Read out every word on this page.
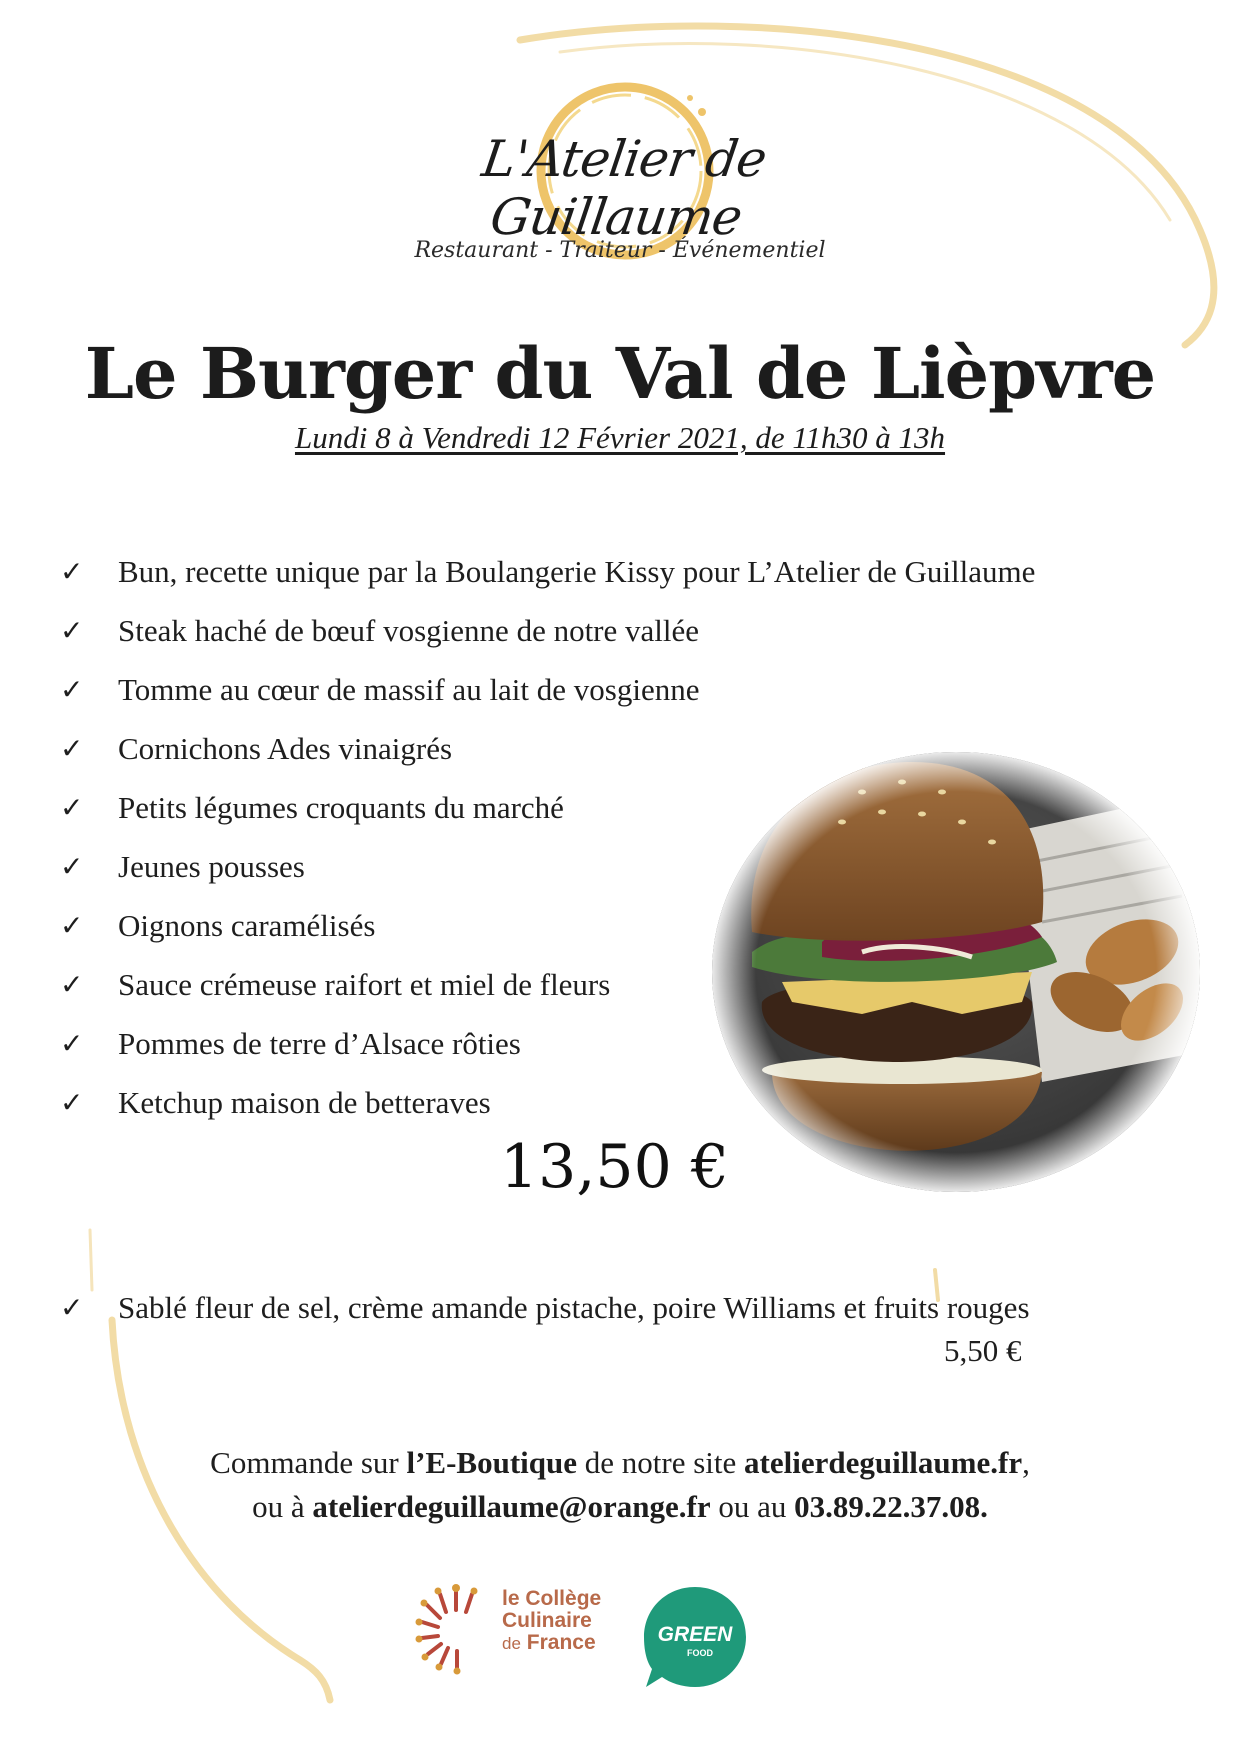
L'Atelier de Guillaume
Restaurant - Traiteur - Événementiel
Le Burger du Val de Lièpvre
Lundi 8 à Vendredi 12 Février 2021, de 11h30 à 13h
✓	Bun, recette unique par la Boulangerie Kissy pour L’Atelier de Guillaume
✓	Steak haché de bœuf vosgienne de notre vallée
✓	Tomme au cœur de massif au lait de vosgienne
✓	Cornichons Ades vinaigrés
✓	Petits légumes croquants du marché
✓	Jeunes pousses
✓	Oignons caramélisés
✓	Sauce crémeuse raifort et miel de fleurs
✓	Pommes de terre d’Alsace rôties
✓	Ketchup maison de betteraves
13,50 €
✓	Sablé fleur de sel, crème amande pistache, poire Williams et fruits rouges
5,50 €
Commande sur l’E-Boutique de notre site atelierdeguillaume.fr,
ou à atelierdeguillaume@orange.fr ou au 03.89.22.37.08.
le Collège
Culinaire
de France	GREEN
FOOD
